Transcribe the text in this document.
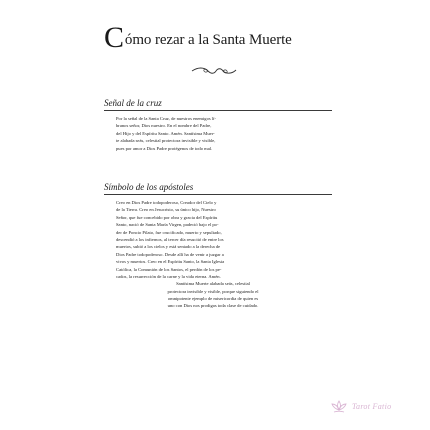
Cómo rezar a la Santa Muerte
Señal de la cruz
Por la señal de la Santa Cruz, de nuestros enemigos lí-
branos señor, Dios nuestro. En el nombre del Padre,
del Hijo y del Espíritu Santo. Amén. Santísima Muer-
te alabada seás, celestial protectora invisible y visible,
pues por amor a Dios Padre protégenos de todo mal.
Símbolo de los apóstoles
Creo en Dios Padre todopoderoso, Creador del Cielo y
de la Tierra. Creo en Jesucristo, su único hijo, Nuestro
Señor, que fue concebido por obra y gracia del Espíritu
Santo, nació de Santa María Virgen, padeció bajo el po-
der de Poncio Pilato, fue crucificado, muerto y sepultado,
descendió a los infiernos, al tercer día resucitó de entre los
muertos, subió a los cielos y está sentado a la derecha de
Dios Padre todopoderoso. Desde allí ha de venir a juzgar a
vivos y muertos. Creo en el Espíritu Santo, la Santa Iglesia
Católica, la Comunión de los Santos, el perdón de los pe-
cados, la resurrección de la carne y la vida eterna. Amén.
Santísima Muerte alabada seás, celestial
protectora invisible y visible, porque siguiendo el
omnipotente ejemplo de misericordia de quien es
uno con Dios nos prodigas toda clase de cuidado.
Tarot Fatio
